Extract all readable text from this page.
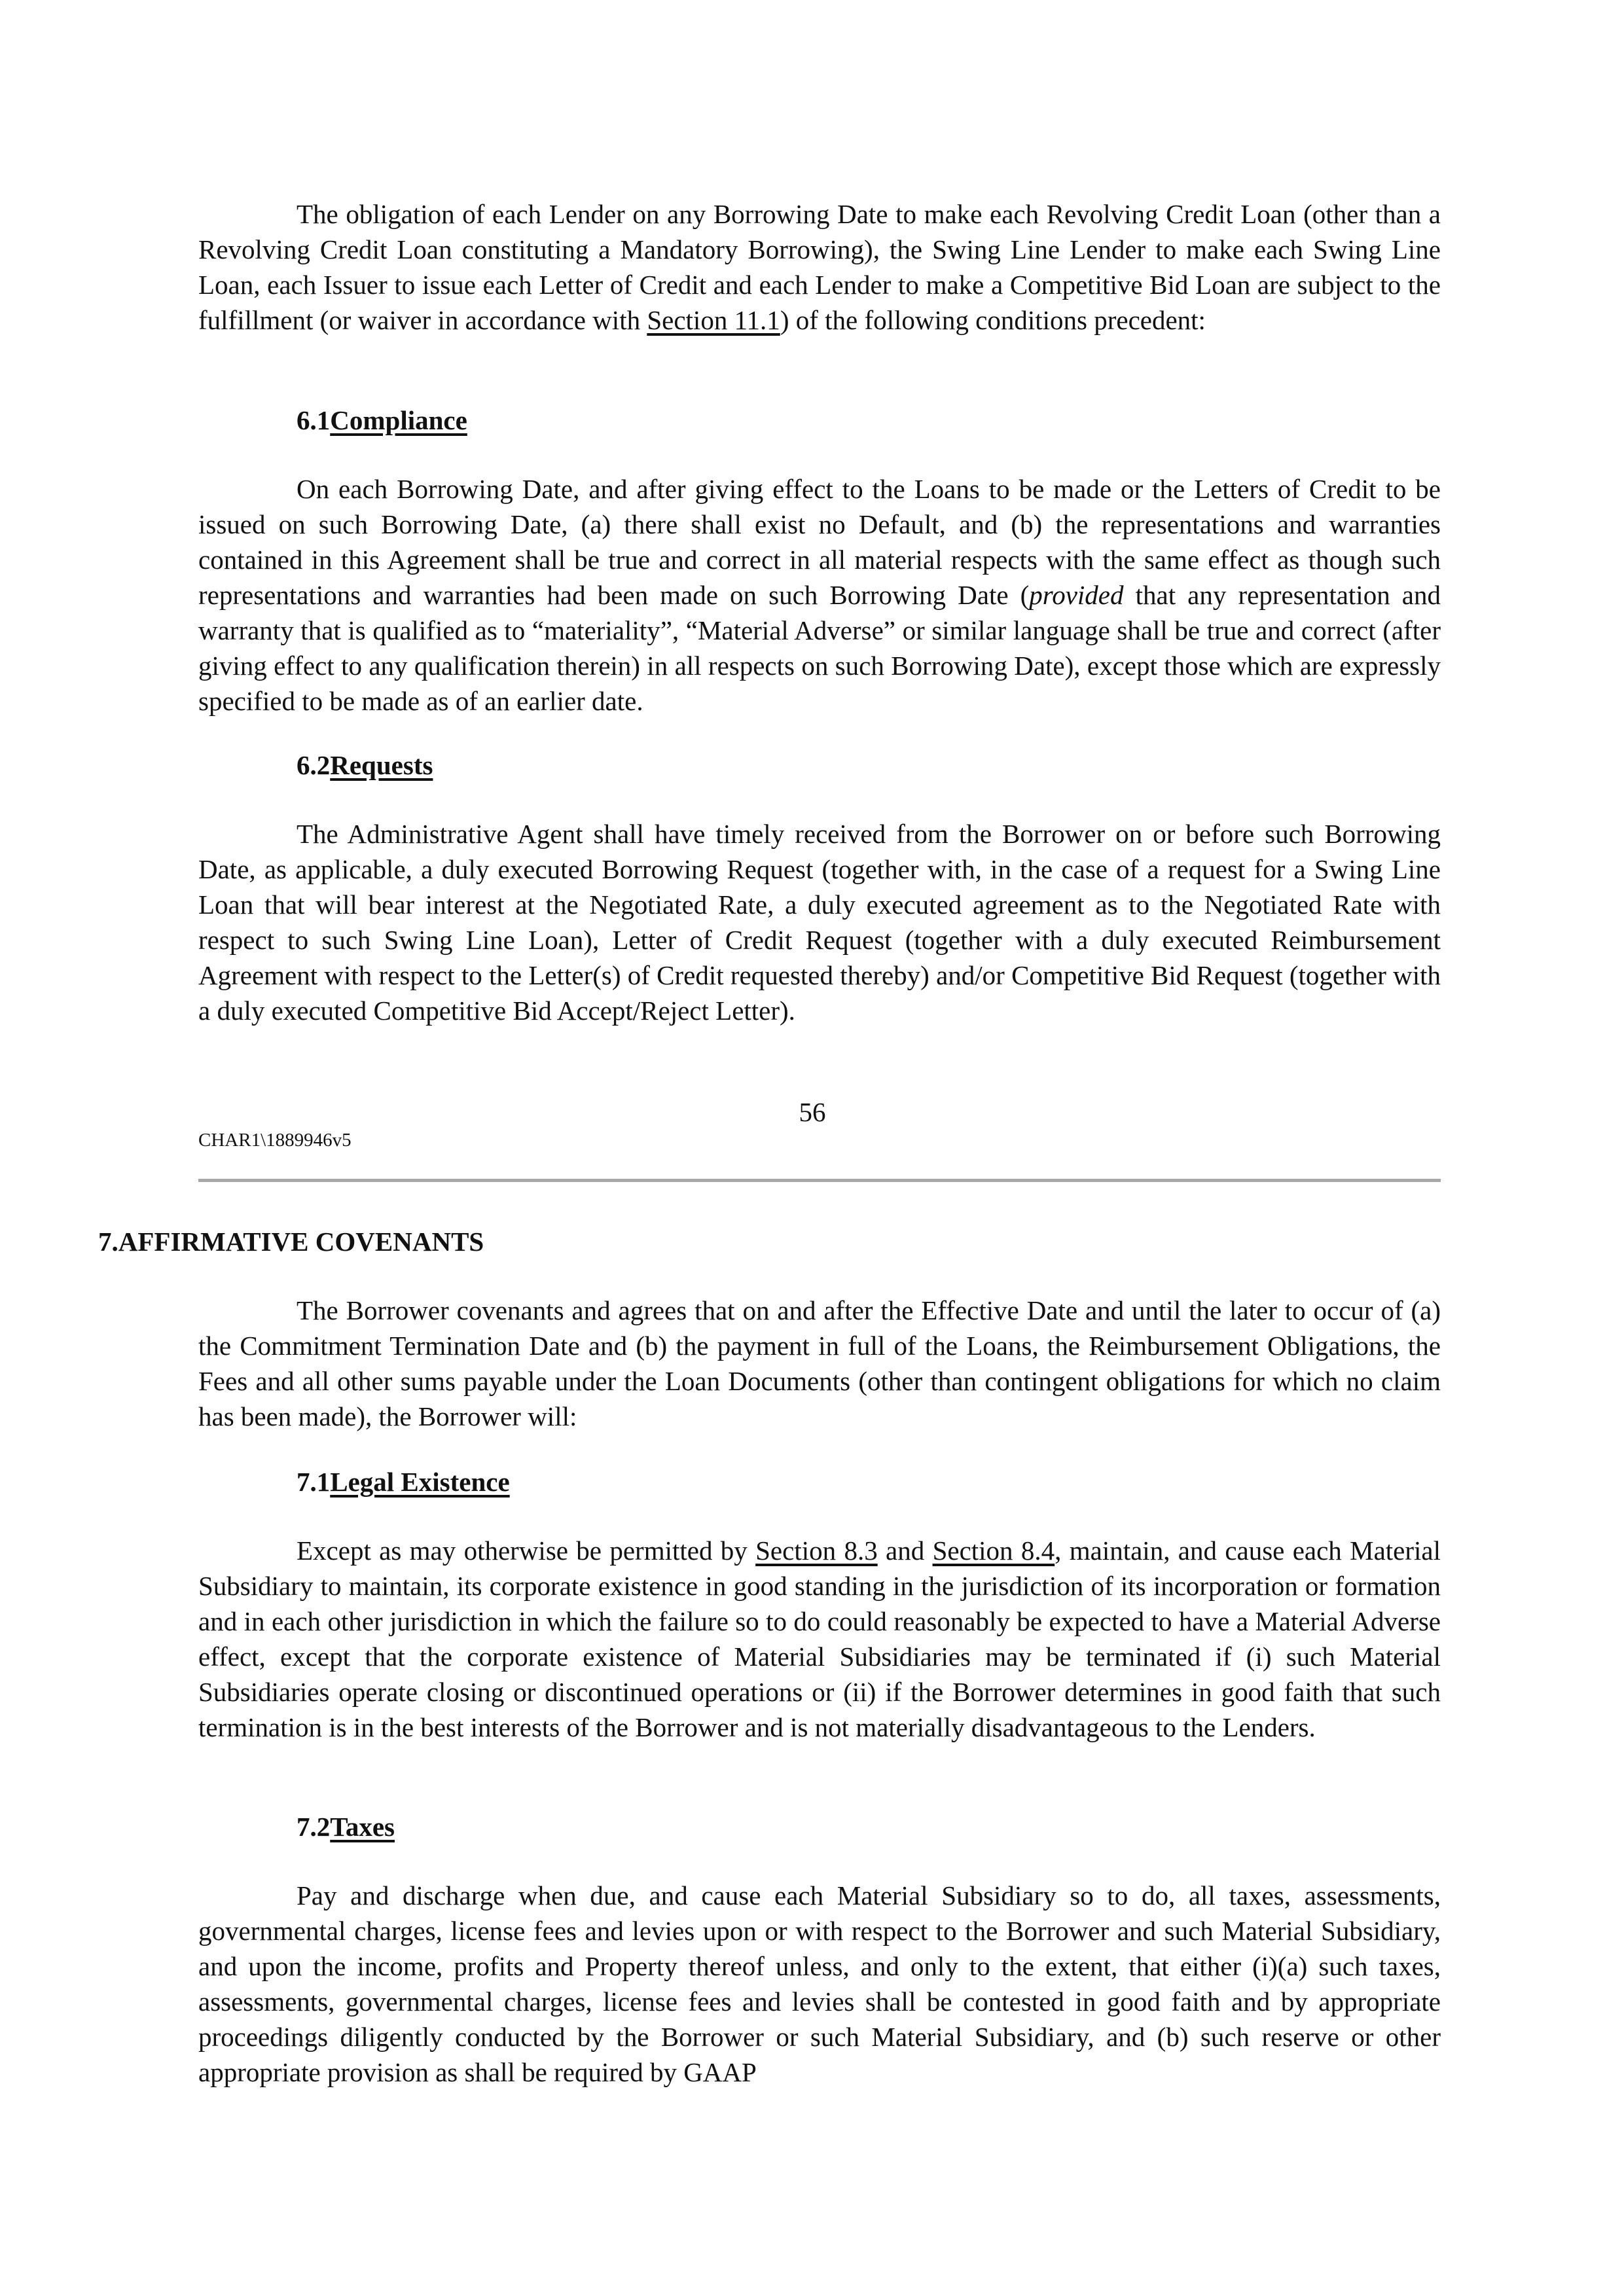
The obligation of each Lender on any Borrowing Date to make each Revolving Credit Loan (other than a Revolving Credit Loan constituting a Mandatory Borrowing), the Swing Line Lender to make each Swing Line Loan, each Issuer to issue each Letter of Credit and each Lender to make a Competitive Bid Loan are subject to the fulfillment (or waiver in accordance with Section 11.1) of the following conditions precedent:

6.1Compliance

On each Borrowing Date, and after giving effect to the Loans to be made or the Letters of Credit to be issued on such Borrowing Date, (a) there shall exist no Default, and (b) the representations and warranties contained in this Agreement shall be true and correct in all material respects with the same effect as though such representations and warranties had been made on such Borrowing Date (provided that any representation and warranty that is qualified as to “materiality”, “Material Adverse” or similar language shall be true and correct (after giving effect to any qualification therein) in all respects on such Borrowing Date), except those which are expressly specified to be made as of an earlier date.

6.2Requests

The Administrative Agent shall have timely received from the Borrower on or before such Borrowing Date, as applicable, a duly executed Borrowing Request (together with, in the case of a request for a Swing Line Loan that will bear interest at the Negotiated Rate, a duly executed agreement as to the Negotiated Rate with respect to such Swing Line Loan), Letter of Credit Request (together with a duly executed Reimbursement Agreement with respect to the Letter(s) of Credit requested thereby) and/or Competitive Bid Request (together with a duly executed Competitive Bid Accept/Reject Letter).

56
CHAR1\1889946v5

7.AFFIRMATIVE COVENANTS

The Borrower covenants and agrees that on and after the Effective Date and until the later to occur of (a) the Commitment Termination Date and (b) the payment in full of the Loans, the Reimbursement Obligations, the Fees and all other sums payable under the Loan Documents (other than contingent obligations for which no claim has been made), the Borrower will:

7.1Legal Existence

Except as may otherwise be permitted by Section 8.3 and Section 8.4, maintain, and cause each Material Subsidiary to maintain, its corporate existence in good standing in the jurisdiction of its incorporation or formation and in each other jurisdiction in which the failure so to do could reasonably be expected to have a Material Adverse effect, except that the corporate existence of Material Subsidiaries may be terminated if (i) such Material Subsidiaries operate closing or discontinued operations or (ii) if the Borrower determines in good faith that such termination is in the best interests of the Borrower and is not materially disadvantageous to the Lenders.

7.2Taxes

Pay and discharge when due, and cause each Material Subsidiary so to do, all taxes, assessments, governmental charges, license fees and levies upon or with respect to the Borrower and such Material Subsidiary, and upon the income, profits and Property thereof unless, and only to the extent, that either (i)(a) such taxes, assessments, governmental charges, license fees and levies shall be contested in good faith and by appropriate proceedings diligently conducted by the Borrower or such Material Subsidiary, and (b) such reserve or other appropriate provision as shall be required by GAAP
